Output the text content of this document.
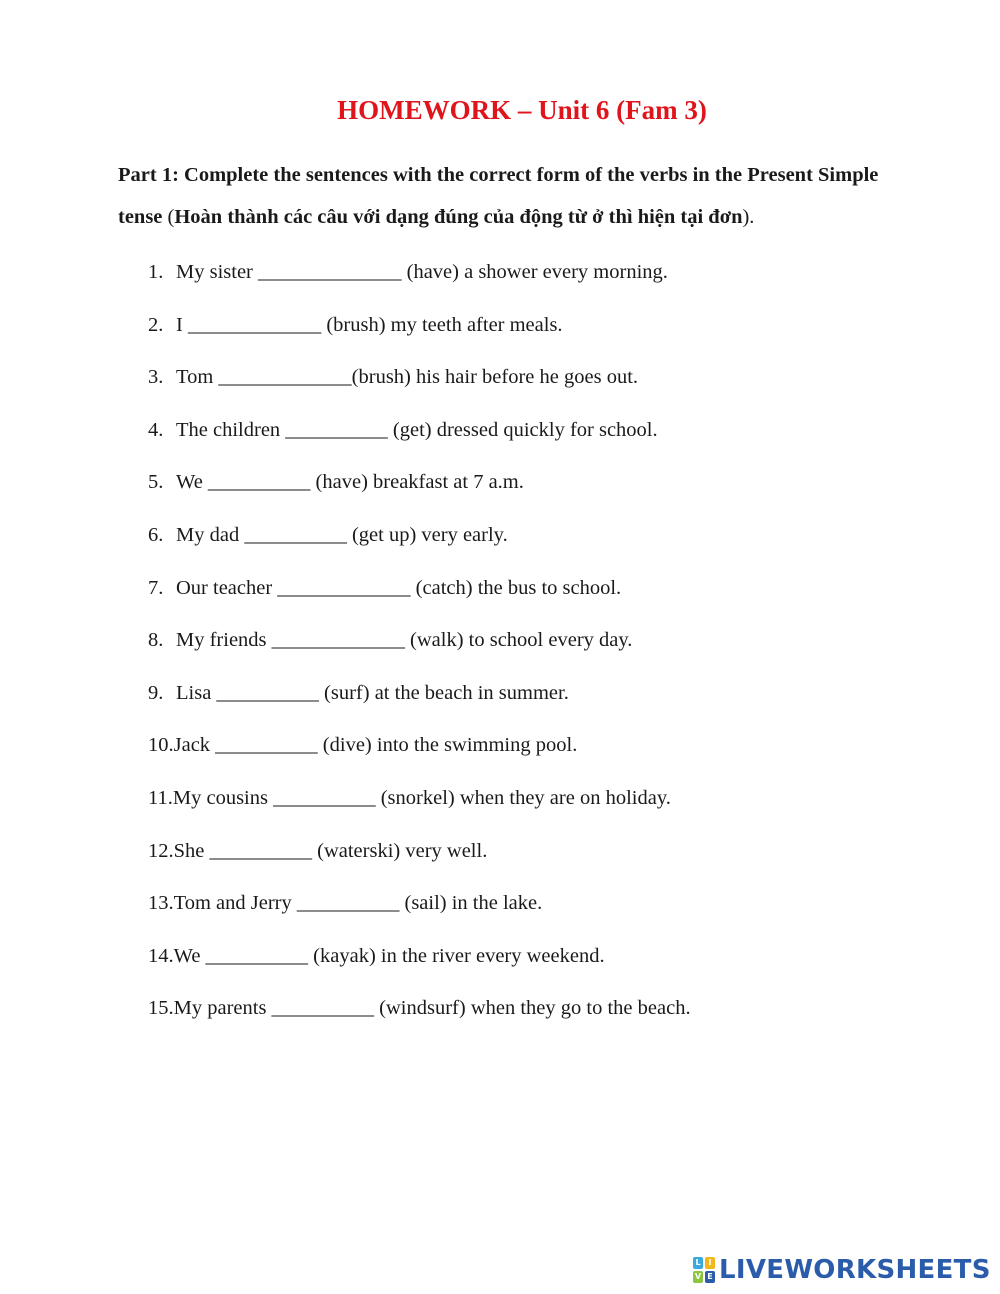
HOMEWORK – Unit 6 (Fam 3)

Part 1: Complete the sentences with the correct form of the verbs in the Present Simple tense (Hoàn thành các câu với dạng đúng của động từ ở thì hiện tại đơn).

1. My sister ______________ (have) a shower every morning.
2. I _____________ (brush) my teeth after meals.
3. Tom _____________(brush) his hair before he goes out.
4. The children __________ (get) dressed quickly for school.
5. We __________ (have) breakfast at 7 a.m.
6. My dad __________ (get up) very early.
7. Our teacher _____________ (catch) the bus to school.
8. My friends _____________ (walk) to school every day.
9. Lisa __________ (surf) at the beach in summer.
10.Jack __________ (dive) into the swimming pool.
11.My cousins __________ (snorkel) when they are on holiday.
12.She __________ (waterski) very well.
13.Tom and Jerry __________ (sail) in the lake.
14.We __________ (kayak) in the river every weekend.
15.My parents __________ (windsurf) when they go to the beach.
L I
V E LIVEWORKSHEETS
